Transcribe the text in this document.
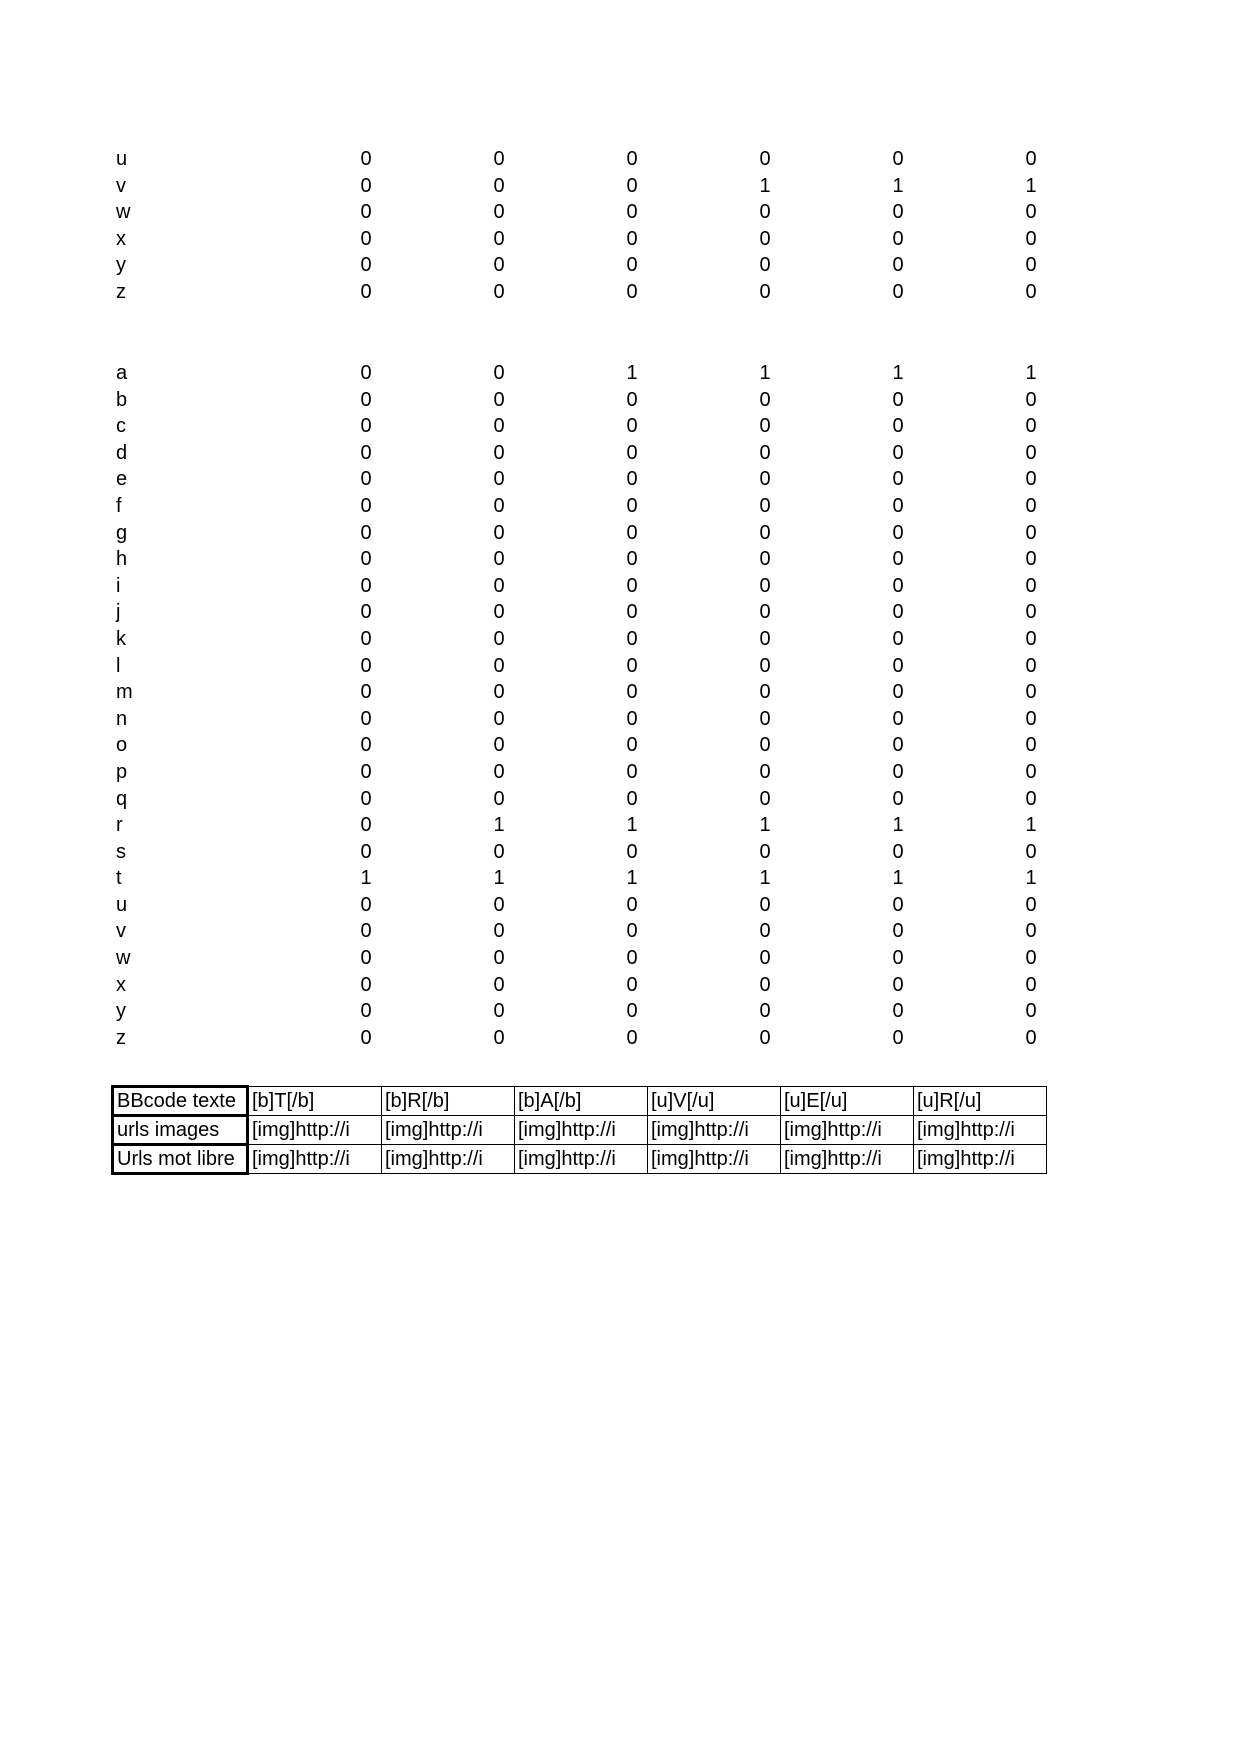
u	0	0	0	0	0	0
v	0	0	0	1	1	1
w	0	0	0	0	0	0
x	0	0	0	0	0	0
y	0	0	0	0	0	0
z	0	0	0	0	0	0
a	0	0	1	1	1	1
b	0	0	0	0	0	0
c	0	0	0	0	0	0
d	0	0	0	0	0	0
e	0	0	0	0	0	0
f	0	0	0	0	0	0
g	0	0	0	0	0	0
h	0	0	0	0	0	0
i	0	0	0	0	0	0
j	0	0	0	0	0	0
k	0	0	0	0	0	0
l	0	0	0	0	0	0
m	0	0	0	0	0	0
n	0	0	0	0	0	0
o	0	0	0	0	0	0
p	0	0	0	0	0	0
q	0	0	0	0	0	0
r	0	1	1	1	1	1
s	0	0	0	0	0	0
t	1	1	1	1	1	1
u	0	0	0	0	0	0
v	0	0	0	0	0	0
w	0	0	0	0	0	0
x	0	0	0	0	0	0
y	0	0	0	0	0	0
z	0	0	0	0	0	0
BBcode texte	[b]T[/b]	[b]R[/b]	[b]A[/b]	[u]V[/u]	[u]E[/u]	[u]R[/u]
urls images	[img]http://i	[img]http://i	[img]http://i	[img]http://i	[img]http://i	[img]http://i
Urls mot libre	[img]http://i	[img]http://i	[img]http://i	[img]http://i	[img]http://i	[img]http://i
